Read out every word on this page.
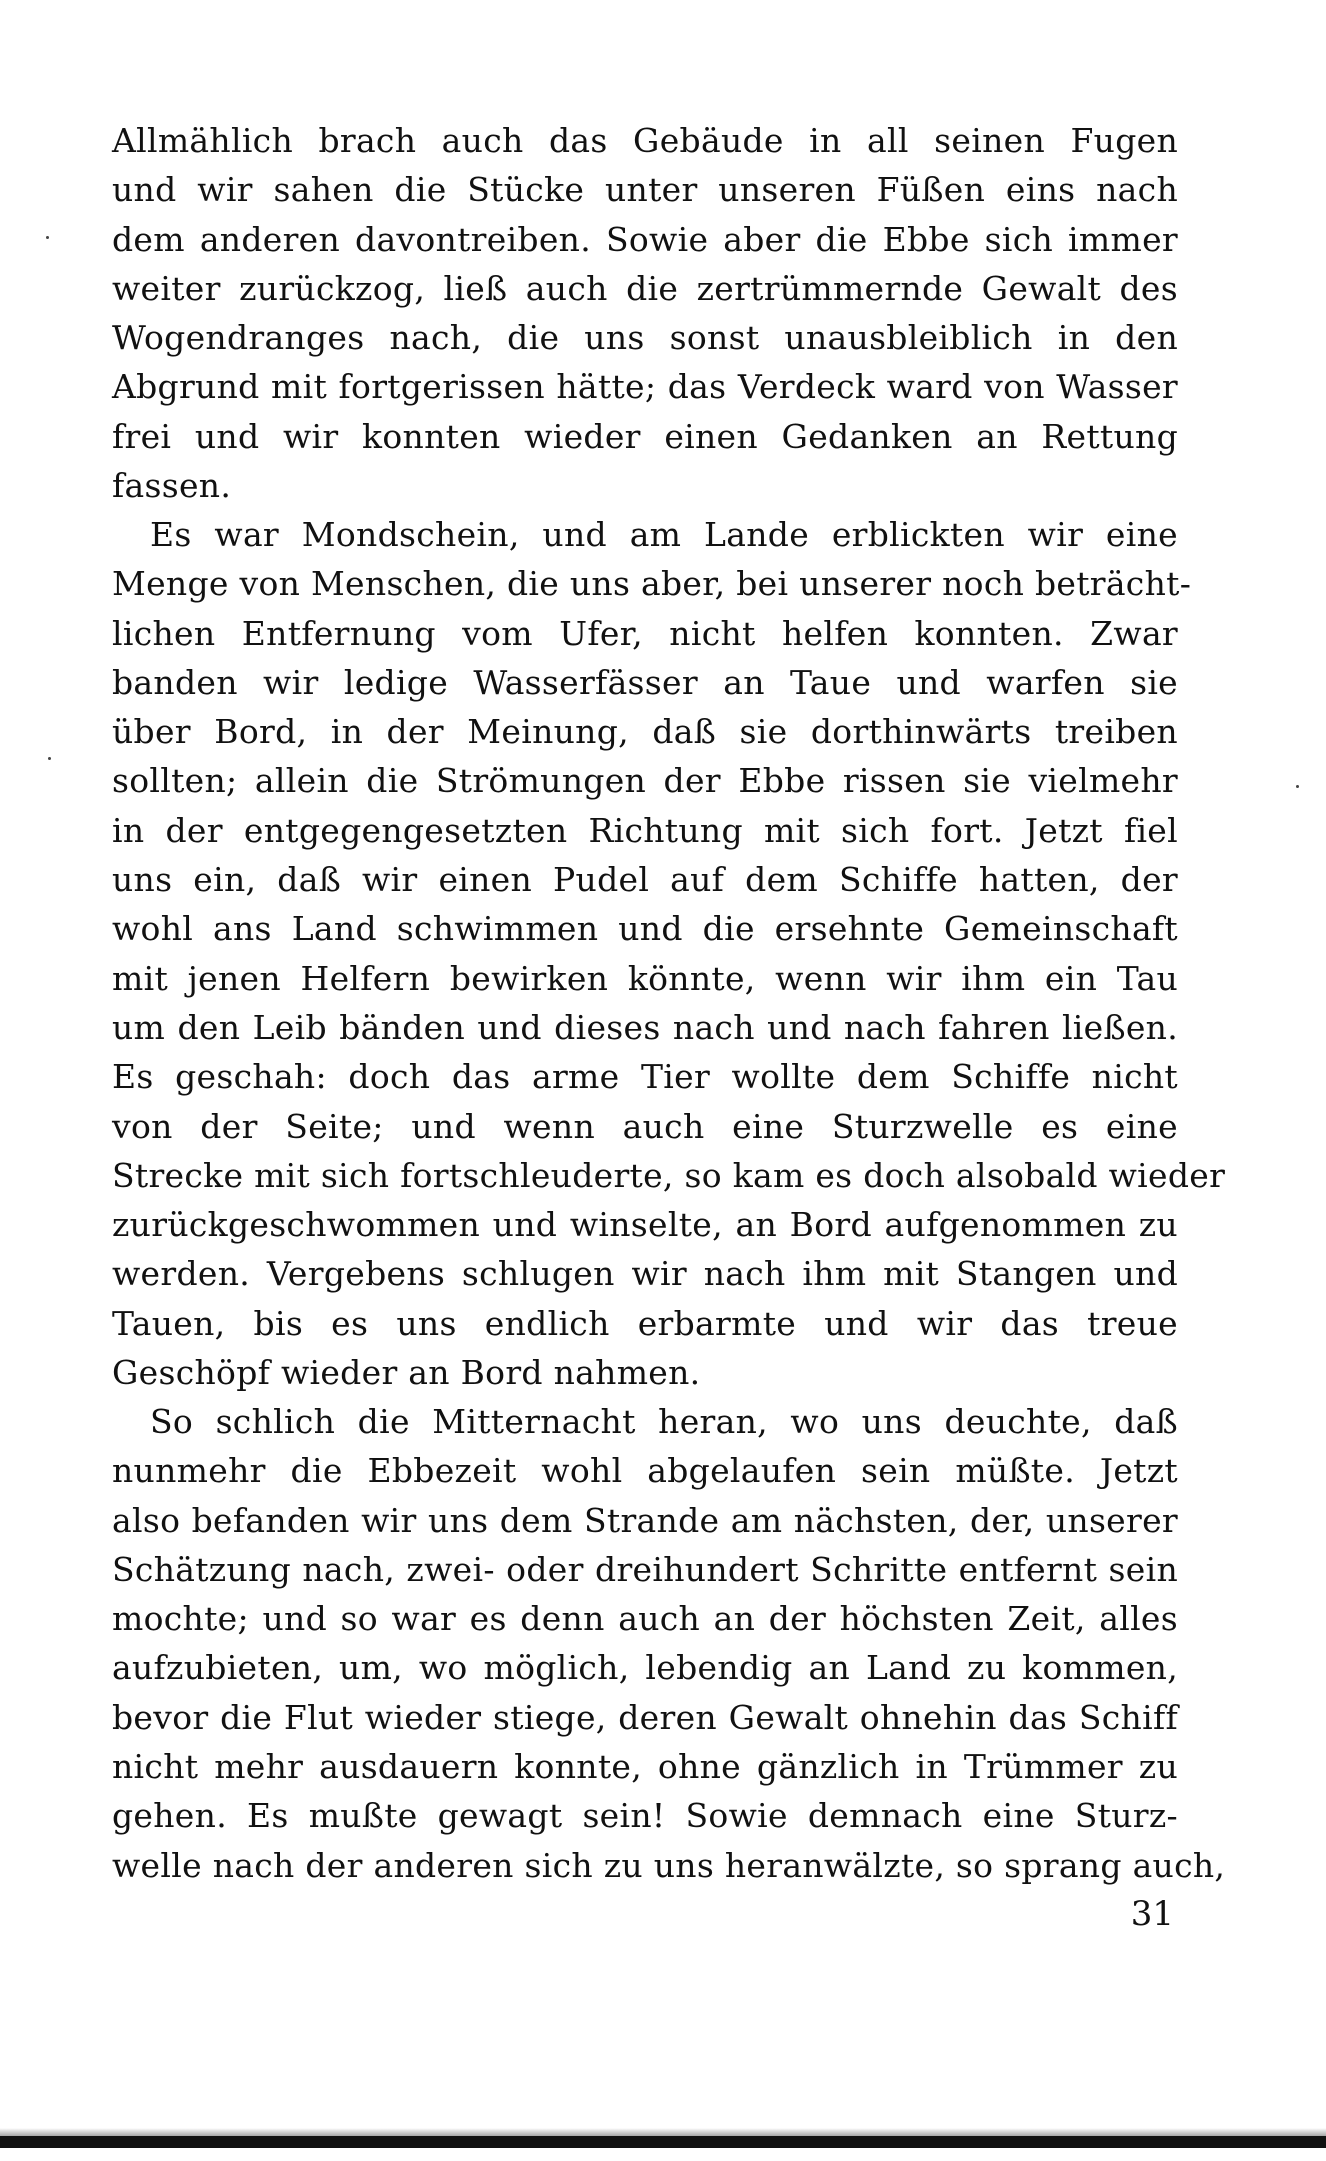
Allmählich brach auch das Gebäude in all seinen Fugen
und wir sahen die Stücke unter unseren Füßen eins nach
dem anderen davontreiben. Sowie aber die Ebbe sich immer
weiter zurückzog, ließ auch die zertrümmernde Gewalt des
Wogendranges nach, die uns sonst unausbleiblich in den
Abgrund mit fortgerissen hätte; das Verdeck ward von Wasser
frei und wir konnten wieder einen Gedanken an Rettung
fassen.
Es war Mondschein, und am Lande erblickten wir eine
Menge von Menschen, die uns aber, bei unserer noch beträcht-
lichen Entfernung vom Ufer, nicht helfen konnten. Zwar
banden wir ledige Wasserfässer an Taue und warfen sie
über Bord, in der Meinung, daß sie dorthinwärts treiben
sollten; allein die Strömungen der Ebbe rissen sie vielmehr
in der entgegengesetzten Richtung mit sich fort. Jetzt fiel
uns ein, daß wir einen Pudel auf dem Schiffe hatten, der
wohl ans Land schwimmen und die ersehnte Gemeinschaft
mit jenen Helfern bewirken könnte, wenn wir ihm ein Tau
um den Leib bänden und dieses nach und nach fahren ließen.
Es geschah: doch das arme Tier wollte dem Schiffe nicht
von der Seite; und wenn auch eine Sturzwelle es eine
Strecke mit sich fortschleuderte, so kam es doch alsobald wieder
zurückgeschwommen und winselte, an Bord aufgenommen zu
werden. Vergebens schlugen wir nach ihm mit Stangen und
Tauen, bis es uns endlich erbarmte und wir das treue
Geschöpf wieder an Bord nahmen.
So schlich die Mitternacht heran, wo uns deuchte, daß
nunmehr die Ebbezeit wohl abgelaufen sein müßte. Jetzt
also befanden wir uns dem Strande am nächsten, der, unserer
Schätzung nach, zwei- oder dreihundert Schritte entfernt sein
mochte; und so war es denn auch an der höchsten Zeit, alles
aufzubieten, um, wo möglich, lebendig an Land zu kommen,
bevor die Flut wieder stiege, deren Gewalt ohnehin das Schiff
nicht mehr ausdauern konnte, ohne gänzlich in Trümmer zu
gehen. Es mußte gewagt sein! Sowie demnach eine Sturz-
welle nach der anderen sich zu uns heranwälzte, so sprang auch,
31
